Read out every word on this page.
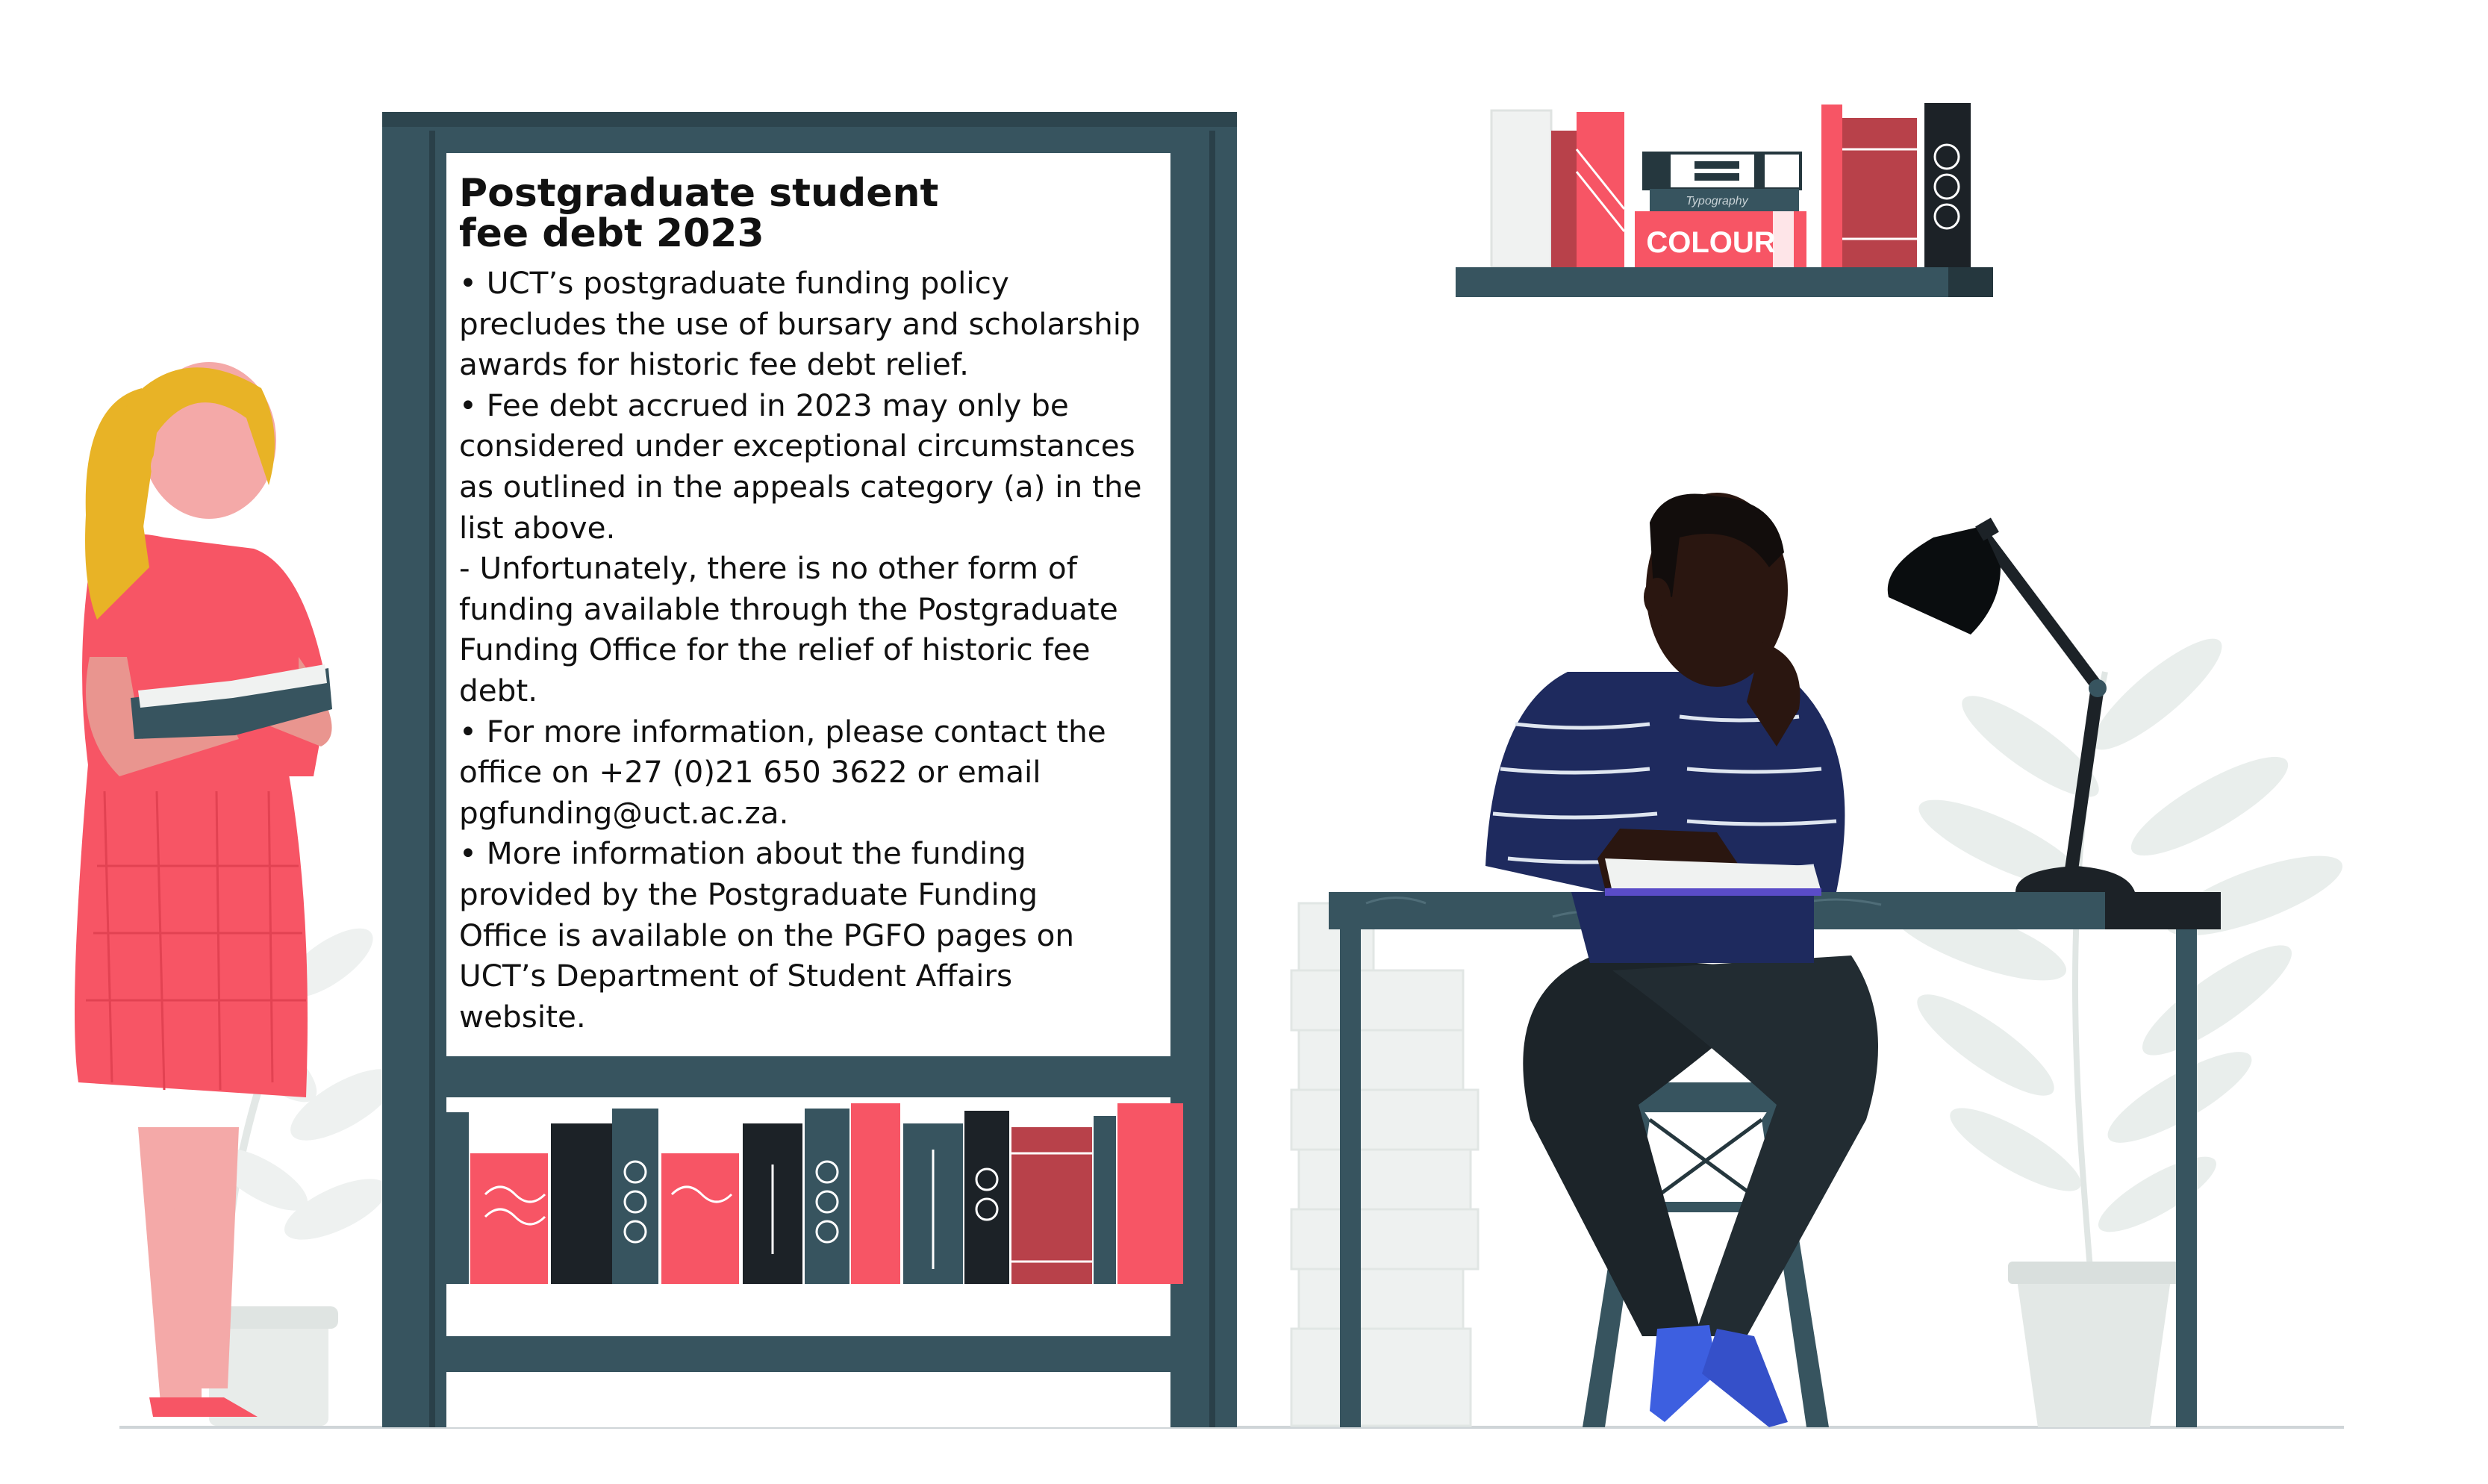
Typography
COLOUR
Postgraduate student
fee debt 2023
• UCT’s postgraduate funding policy
precludes the use of bursary and scholarship
awards for historic fee debt relief.
• Fee debt accrued in 2023 may only be
considered under exceptional circumstances
as outlined in the appeals category (a) in the
list above.
- Unfortunately, there is no other form of
funding available through the Postgraduate
Funding Office for the relief of historic fee
debt.
• For more information, please contact the
office on +27 (0)21 650 3622 or email
pgfunding@uct.ac.za.
• More information about the funding
provided by the Postgraduate Funding
Office is available on the PGFO pages on
UCT’s Department of Student Affairs
website.
